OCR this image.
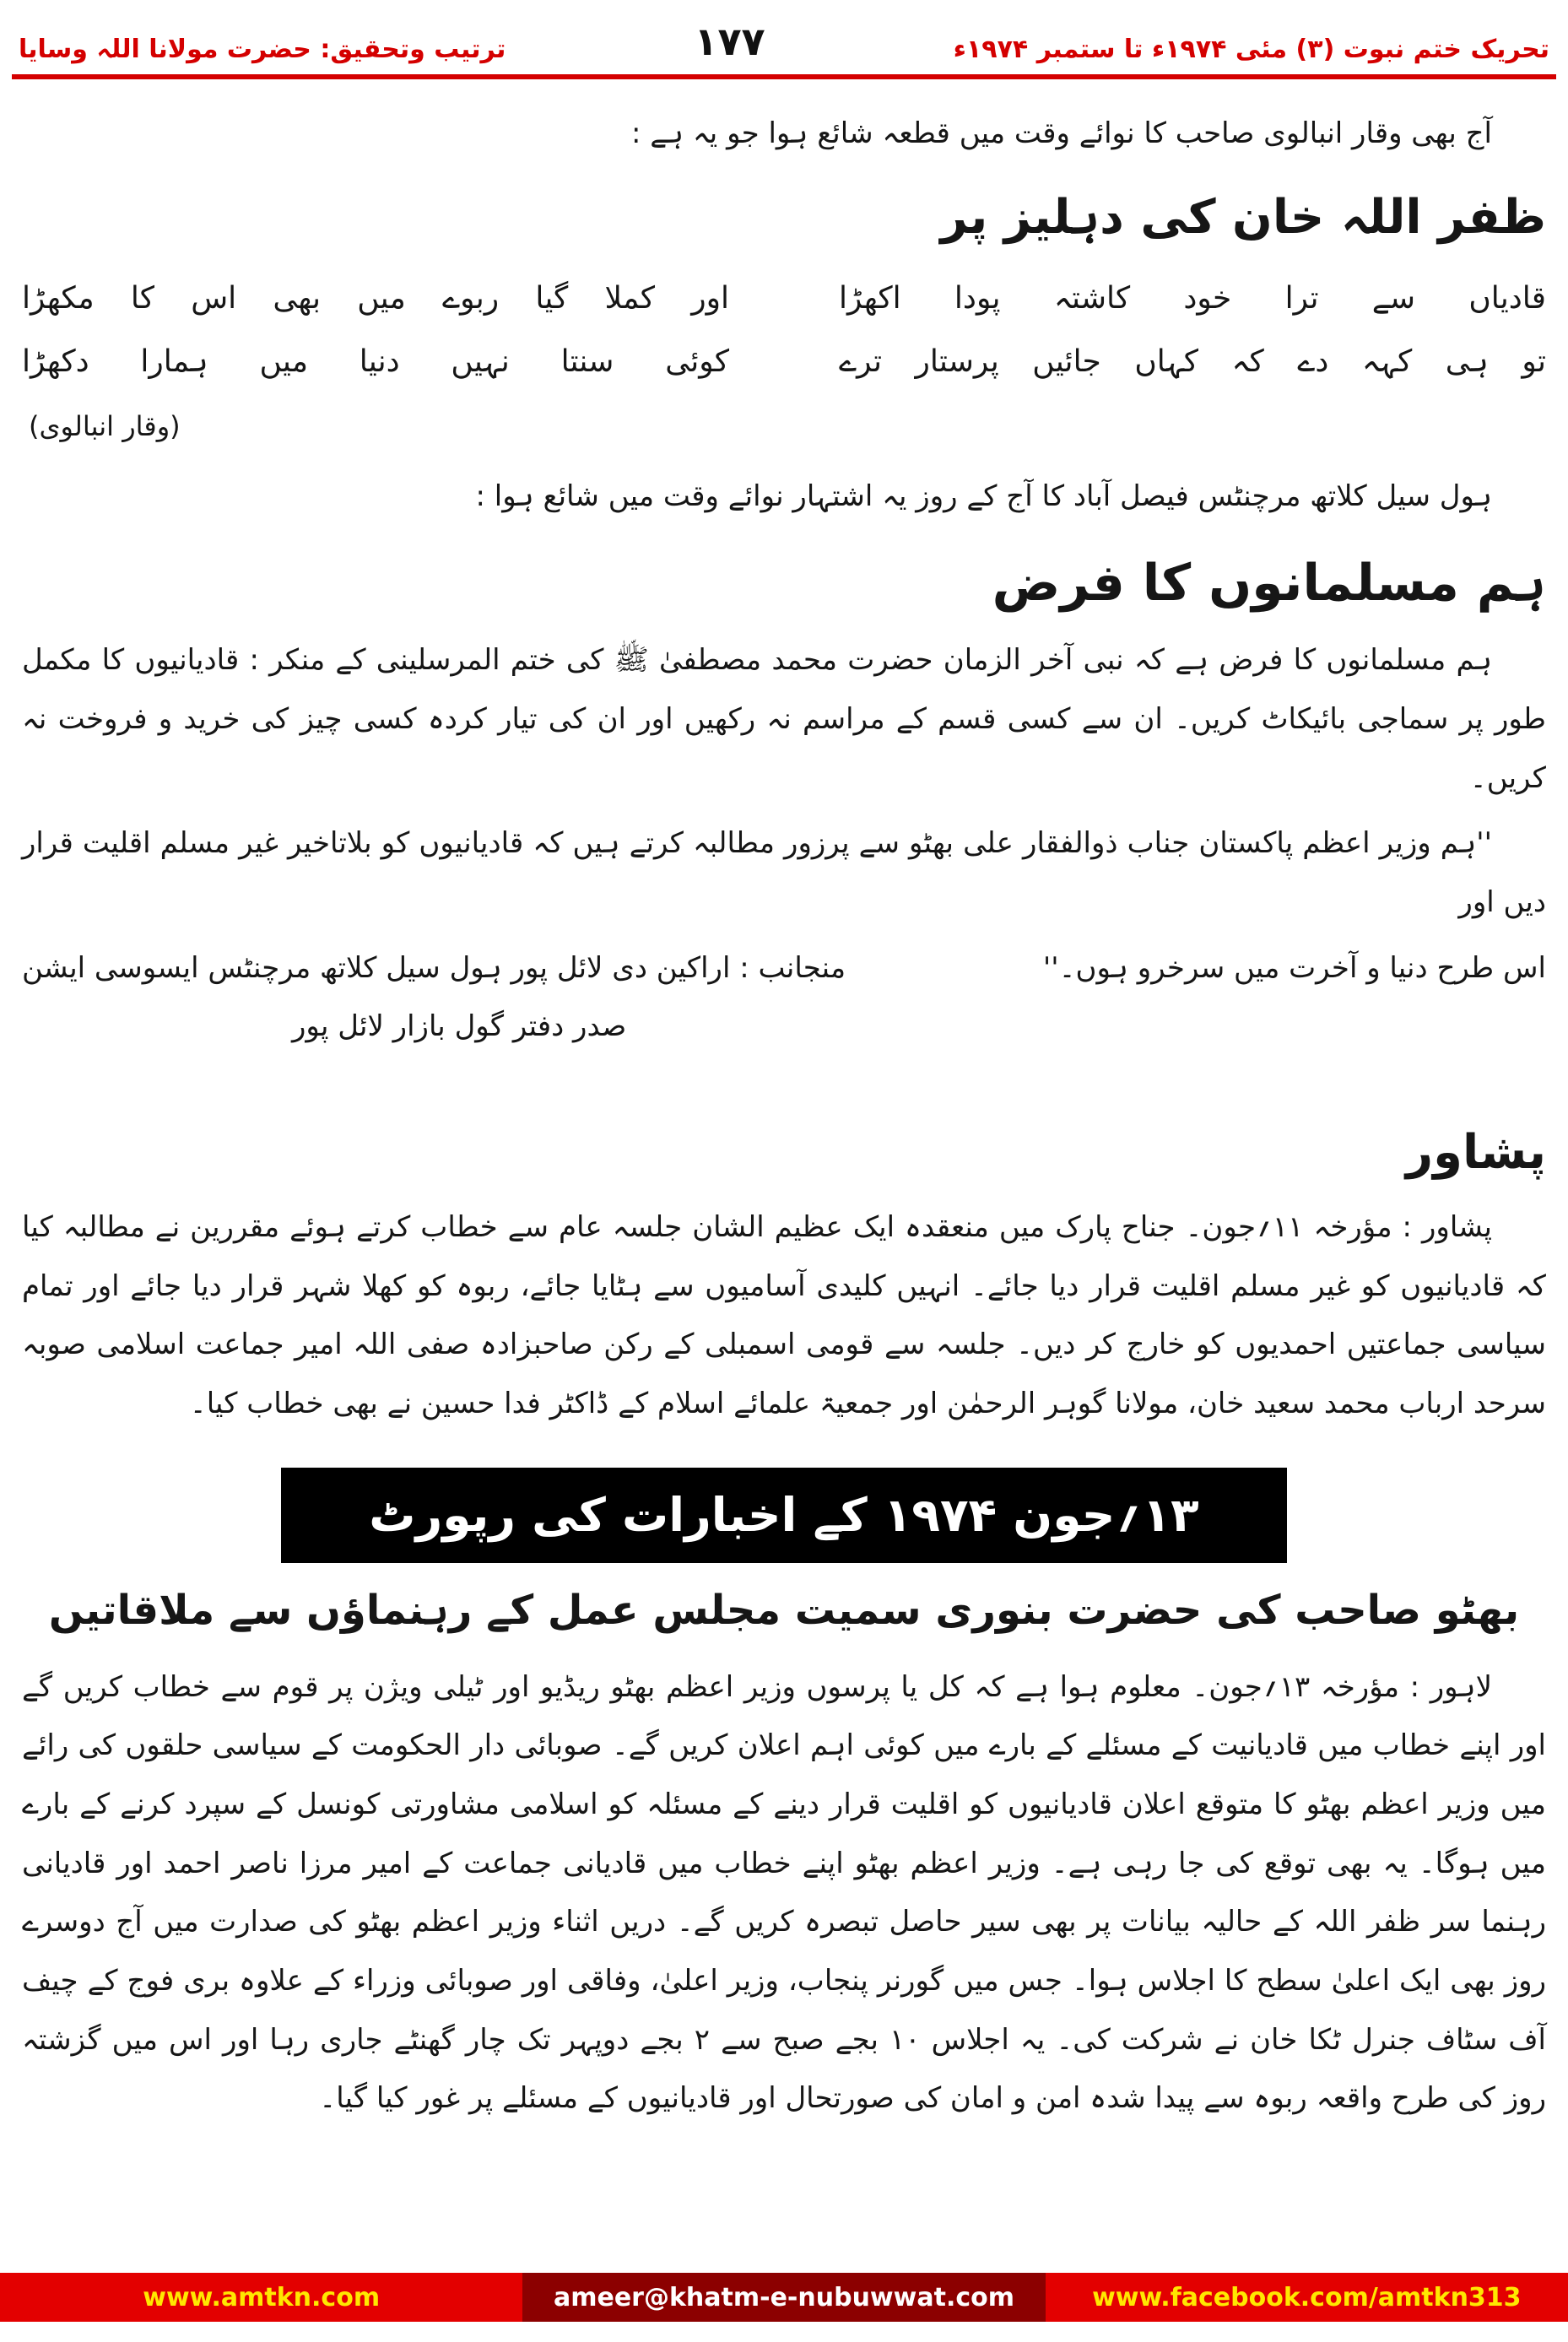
تحریک ختم نبوت (۳) مئی ۱۹۷۴ء تا ستمبر ۱۹۷۴ء
۱۷۷
ترتیب وتحقیق: حضرت مولانا اللہ وسایا

آج بھی وقار انبالوی صاحب کا نوائے وقت میں قطعہ شائع ہوا جو یہ ہے :

ظفر اللہ خان کی دہلیز پر
قادیاں سے ترا خود کاشتہ پودا اکھڑا
اور کملا گیا ربوے میں بھی اس کا مکھڑا
تو ہی کہہ دے کہ کہاں جائیں پرستار ترے
کوئی سنتا نہیں دنیا میں ہمارا دکھڑا
(وقار انبالوی)

ہول سیل کلاتھ مرچنٹس فیصل آباد کا آج کے روز یہ اشتہار نوائے وقت میں شائع ہوا :

ہم مسلمانوں کا فرض

ہم مسلمانوں کا فرض ہے کہ نبی آخر الزمان حضرت محمد مصطفیٰ ﷺ کی ختم المرسلینی کے منکر : قادیانیوں کا مکمل طور پر سماجی بائیکاٹ کریں۔ ان سے کسی قسم کے مراسم نہ رکھیں اور ان کی تیار کردہ کسی چیز کی خرید و فروخت نہ کریں۔

''ہم وزیر اعظم پاکستان جناب ذوالفقار علی بھٹو سے پرزور مطالبہ کرتے ہیں کہ قادیانیوں کو بلاتاخیر غیر مسلم اقلیت قرار دیں اور

اس طرح دنیا و آخرت میں سرخرو ہوں۔''
منجانب : اراکین دی لائل پور ہول سیل کلاتھ مرچنٹس ایسوسی ایشن
صدر دفتر گول بازار لائل پور
پشاور

پشاور : مؤرخہ ۱۱؍جون۔ جناح پارک میں منعقدہ ایک عظیم الشان جلسہ عام سے خطاب کرتے ہوئے مقررین نے مطالبہ کیا کہ قادیانیوں کو غیر مسلم اقلیت قرار دیا جائے۔ انہیں کلیدی آسامیوں سے ہٹایا جائے، ربوہ کو کھلا شہر قرار دیا جائے اور تمام سیاسی جماعتیں احمدیوں کو خارج کر دیں۔ جلسہ سے قومی اسمبلی کے رکن صاحبزادہ صفی اللہ امیر جماعت اسلامی صوبہ سرحد ارباب محمد سعید خان، مولانا گوہر الرحمٰن اور جمعیۃ علمائے اسلام کے ڈاکٹر فدا حسین نے بھی خطاب کیا۔

۱۳؍جون ۱۹۷۴ کے اخبارات کی رپورٹ
بھٹو صاحب کی حضرت بنوری سمیت مجلس عمل کے رہنماؤں سے ملاقاتیں

لاہور : مؤرخہ ۱۳؍جون۔ معلوم ہوا ہے کہ کل یا پرسوں وزیر اعظم بھٹو ریڈیو اور ٹیلی ویژن پر قوم سے خطاب کریں گے اور اپنے خطاب میں قادیانیت کے مسئلے کے بارے میں کوئی اہم اعلان کریں گے۔ صوبائی دار الحکومت کے سیاسی حلقوں کی رائے میں وزیر اعظم بھٹو کا متوقع اعلان قادیانیوں کو اقلیت قرار دینے کے مسئلہ کو اسلامی مشاورتی کونسل کے سپرد کرنے کے بارے میں ہوگا۔ یہ بھی توقع کی جا رہی ہے۔ وزیر اعظم بھٹو اپنے خطاب میں قادیانی جماعت کے امیر مرزا ناصر احمد اور قادیانی رہنما سر ظفر اللہ کے حالیہ بیانات پر بھی سیر حاصل تبصرہ کریں گے۔ دریں اثناء وزیر اعظم بھٹو کی صدارت میں آج دوسرے روز بھی ایک اعلیٰ سطح کا اجلاس ہوا۔ جس میں گورنر پنجاب، وزیر اعلیٰ، وفاقی اور صوبائی وزراء کے علاوہ بری فوج کے چیف آف سٹاف جنرل ٹکا خان نے شرکت کی۔ یہ اجلاس ۱۰ بجے صبح سے ۲ بجے دوپہر تک چار گھنٹے جاری رہا اور اس میں گزشتہ روز کی طرح واقعہ ربوہ سے پیدا شدہ امن و امان کی صورتحال اور قادیانیوں کے مسئلے پر غور کیا گیا۔

www.amtkn.com	ameer@khatm-e-nubuwwat.com	www.facebook.com/amtkn313
